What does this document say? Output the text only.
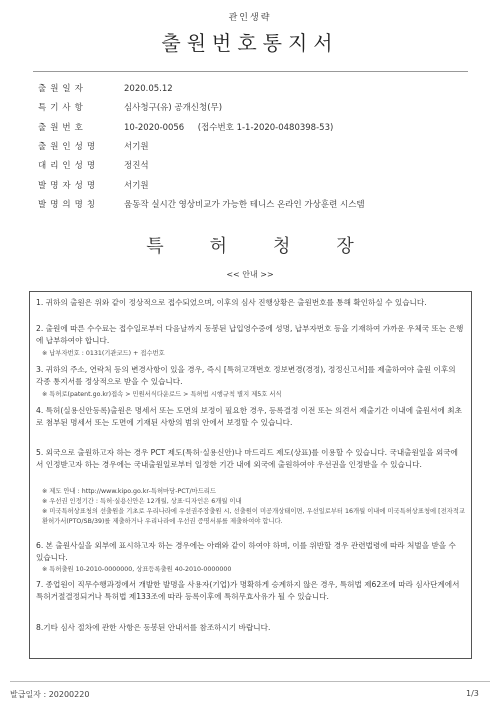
관인생략
출원번호통지서
출원일자	2020.05.12
특기사항	심사청구(유) 공개신청(무)
출원번호	10-2020-0056     (접수번호 1-1-2020-0480398-53)
출원인성명	서기원
대리인성명	정진석
발명자성명	서기원
발명의명칭	움동작 실시간 영상비교가 가능한 테니스 온라인 가상훈련 시스템
특	허	청	장
<< 안내 >>

1. 귀하의 출원은 위와 같이 정상적으로 접수되었으며, 이후의 심사 진행상황은 출원번호를 통해 확인하실 수 있습니다.

2. 출원에 따른 수수료는 접수일로부터 다음날까지 동봉된 납입영수증에 성명, 납부자번호 등을 기재하여 가까운 우체국 또는 은행에 납부하여야 합니다.

※ 납부자번호 : 0131(기관코드) + 접수번호

3. 귀하의 주소, 연락처 등의 변경사항이 있을 경우, 즉시 [특허고객번호 정보변경(경정), 정정신고서]를 제출하여야 출원 이후의 각종 통지서를 정상적으로 받을 수 있습니다.

※ 특허로(patent.go.kr)접속 > 민원서식다운로드 > 특허법 시행규칙 별지 제5호 서식

4. 특허(실용신안등록)출원은 명세서 또는 도면의 보정이 필요한 경우, 등록결정 이전 또는 의견서 제출기간 이내에 출원서에 최초로 첨부된 명세서 또는 도면에 기재된 사항의 범위 안에서 보정할 수 있습니다.

5. 외국으로 출원하고자 하는 경우 PCT 제도(특허·실용신안)나 마드리드 제도(상표)를 이용할 수 있습니다. 국내출원일을 외국에서 인정받고자 하는 경우에는 국내출원일로부터 일정한 기간 내에 외국에 출원하여야 우선권을 인정받을 수 있습니다.

※ 제도 안내 : http://www.kipo.go.kr-특허마당-PCT/마드리드

※ 우선권 인정기간 : 특허·실용신안은 12개월, 상표·디자인은 6개월 이내

※ 미국특허상표청의 선출원을 기초로 우리나라에 우선권주장출원 시, 선출원이 미공개상태이면, 우선일로부터 16개월 이내에 미국특허상표청에 [전자적교환허가서(PTO/SB/39)를 제출하거나 우리나라에 우선권 증명서류를 제출하여야 합니다.

6. 본 출원사실을 외부에 표시하고자 하는 경우에는 아래와 같이 하여야 하며, 이를 위반할 경우 관련법령에 따라 처벌을 받을 수 있습니다.

※ 특허출원 10-2010-0000000, 상표등록출원 40-2010-0000000

7. 종업원이 직무수행과정에서 개발한 발명을 사용자(기업)가 명확하게 승계하지 않은 경우, 특허법 제62조에 따라 심사단계에서 특허거절결정되거나 특허법 제133조에 따라 등록이후에 특허무효사유가 될 수 있습니다.

8.기타 심사 절차에 관한 사항은 동봉된 안내서를 참조하시기 바랍니다.

발급일자 : 20200220	1/3
